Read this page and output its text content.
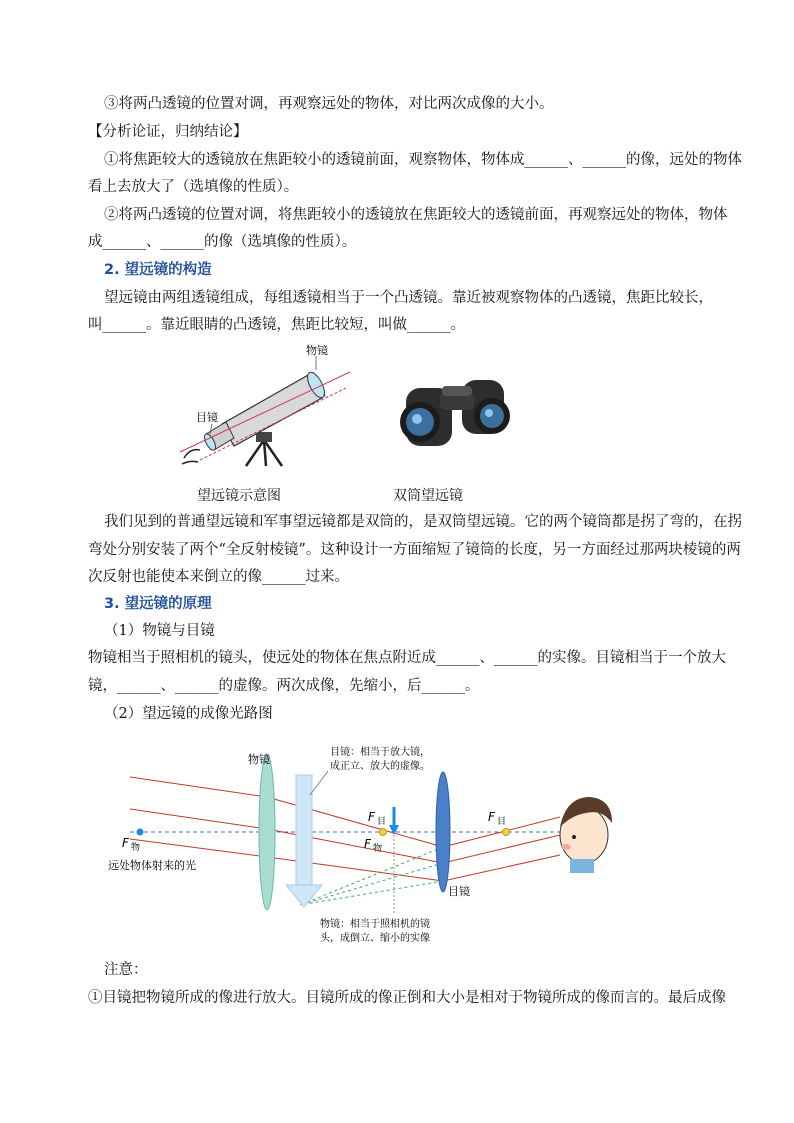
③将两凸透镜的位置对调，再观察远处的物体，对比两次成像的大小。
【分析论证，归纳结论】
①将焦距较大的透镜放在焦距较小的透镜前面，观察物体，物体成______、______的像，远处的物体
看上去放大了（选填像的性质）。
②将两凸透镜的位置对调，将焦距较小的透镜放在焦距较大的透镜前面，再观察远处的物体，物体
成______、______的像（选填像的性质）。
2. 望远镜的构造
望远镜由两组透镜组成，每组透镜相当于一个凸透镜。靠近被观察物体的凸透镜，焦距比较长，
叫______。靠近眼睛的凸透镜，焦距比较短，叫做______。
物镜
目镜
望远镜示意图	双筒望远镜
我们见到的普通望远镜和军事望远镜都是双筒的，是双筒望远镜。它的两个镜筒都是拐了弯的，在拐
弯处分别安装了两个“全反射棱镜”。这种设计一方面缩短了镜筒的长度，另一方面经过那两块棱镜的两
次反射也能使本来倒立的像______过来。
3. 望远镜的原理
（1）物镜与目镜
物镜相当于照相机的镜头，使远处的物体在焦点附近成______、______的实像。目镜相当于一个放大
镜，______、______的虚像。两次成像，先缩小，后______。
（2）望远镜的成像光路图
物镜
目镜
F 物
F 目
F 物
F 目
目镜：相当于放大镜，
成正立、放大的虚像。
物镜：相当于照相机的镜
头，成倒立、缩小的实像
远处物体射来的光
注意：
①目镜把物镜所成的像进行放大。目镜所成的像正倒和大小是相对于物镜所成的像而言的。最后成像
